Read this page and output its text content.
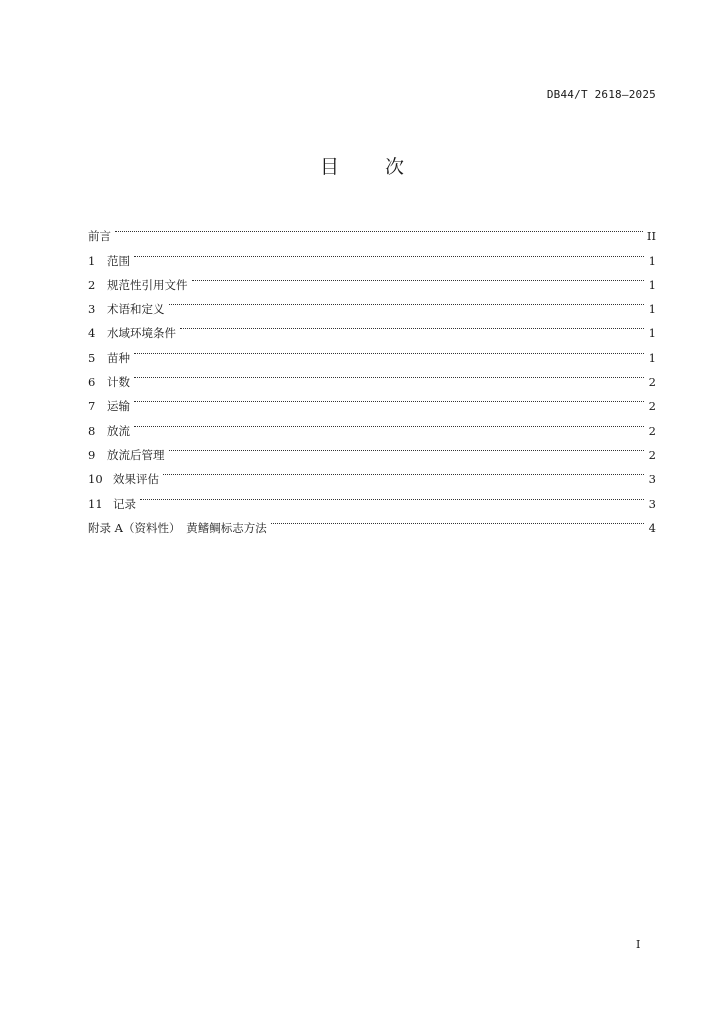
DB44/T 2618—2025
目 次
前言	II
1	范围	1
2	规范性引用文件	1
3	术语和定义	1
4	水域环境条件	1
5	苗种	1
6	计数	2
7	运输	2
8	放流	2
9	放流后管理	2
10 效果评估	3
11 记录	3
附录 A（资料性）　黄鳍鲷标志方法	4
I
